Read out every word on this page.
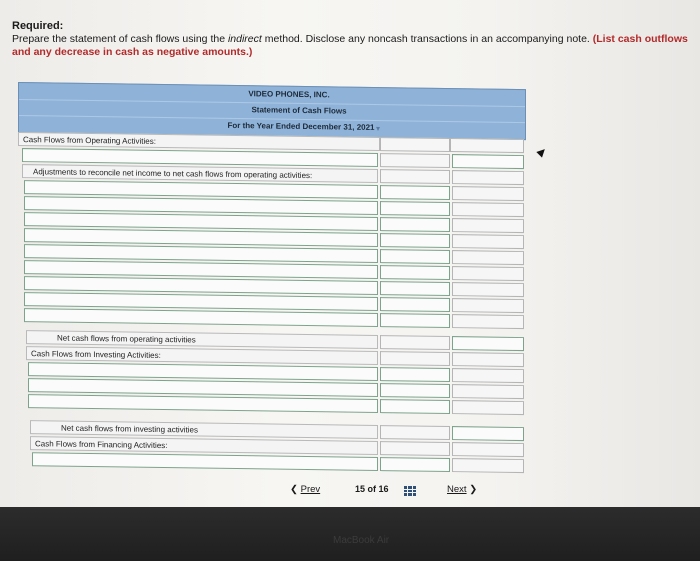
Required:
Prepare the statement of cash flows using the indirect method. Disclose any noncash transactions in an accompanying note. (List cash outflows and any decrease in cash as negative amounts.)
VIDEO PHONES, INC.
Statement of Cash Flows
For the Year Ended December 31, 2021 ▾
Cash Flows from Operating Activities:
Adjustments to reconcile net income to net cash flows from operating activities:
Net cash flows from operating activities
Cash Flows from Investing Activities:
Net cash flows from investing activities
Cash Flows from Financing Activities:
❮ Prev	15 of 16	Next ❯
MacBook Air
